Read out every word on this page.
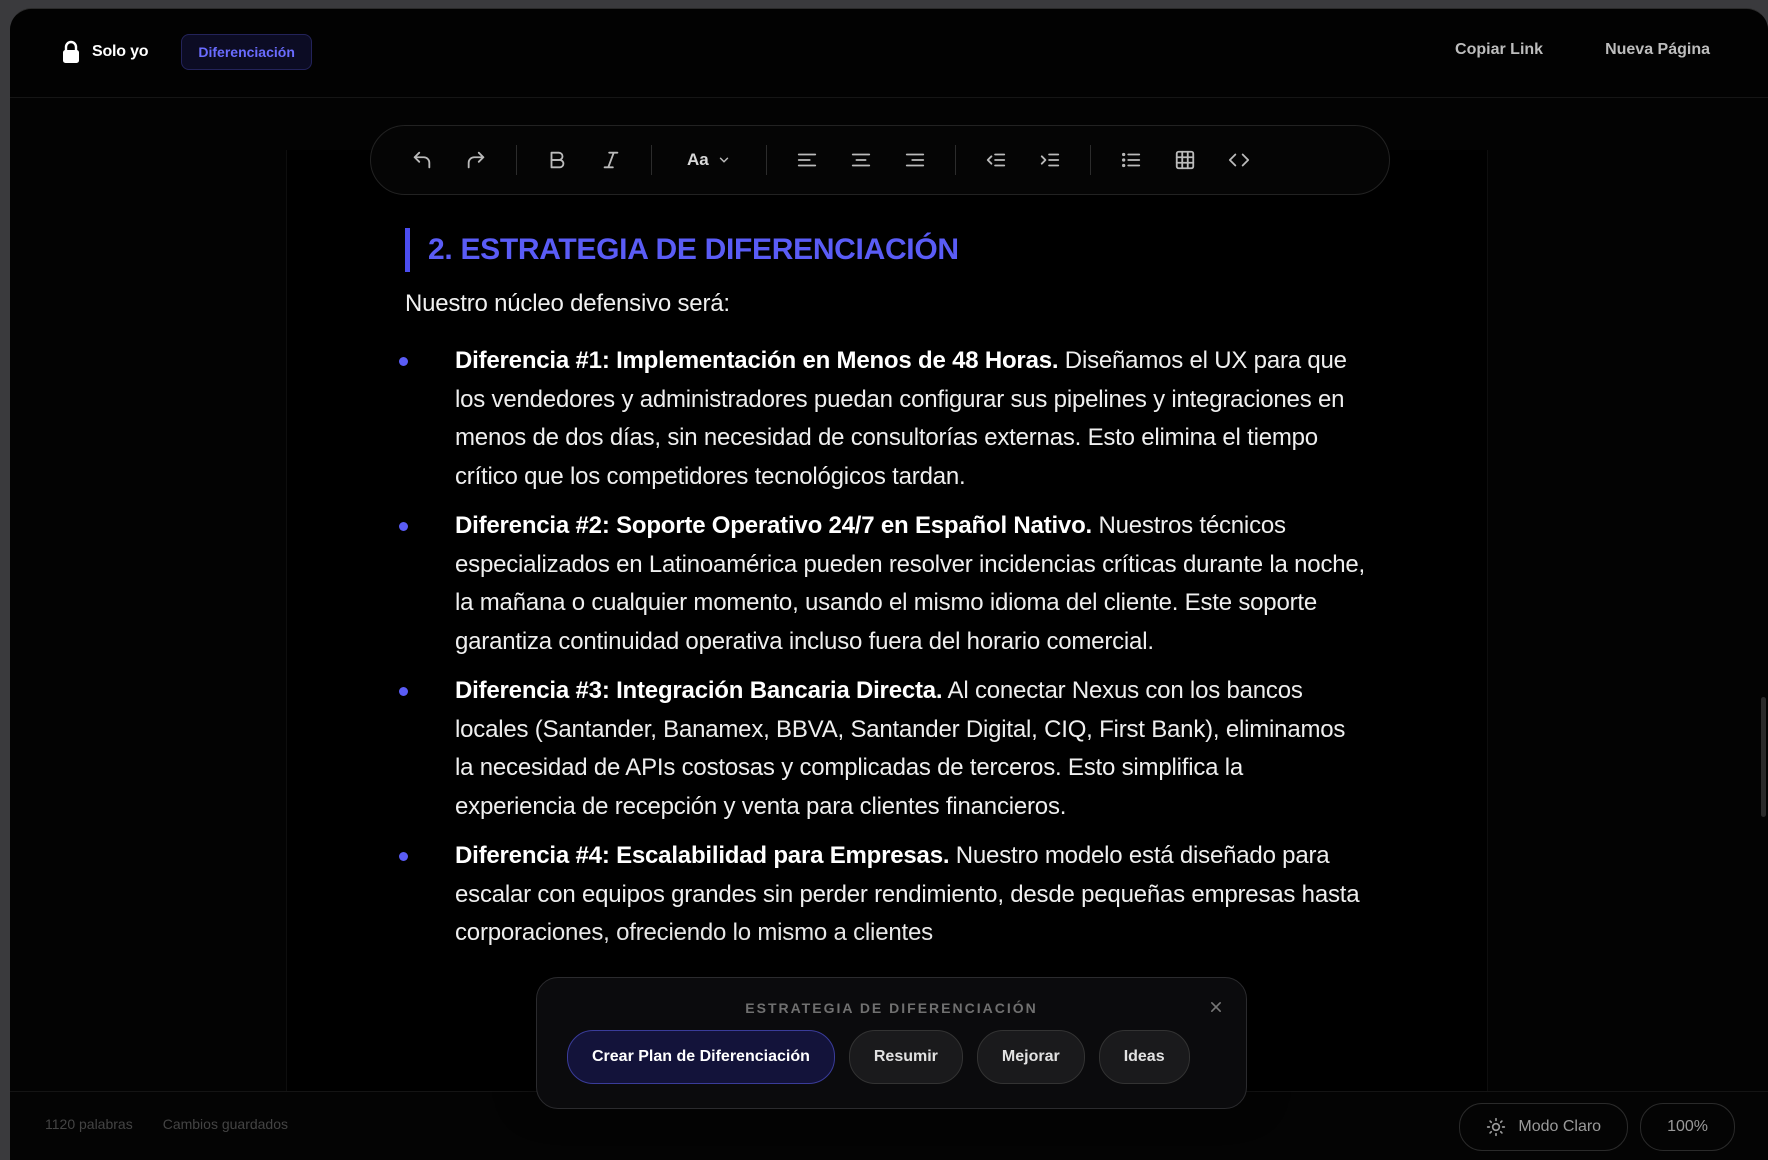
Solo yo	Diferenciación	Copiar Link	Nueva Página
1120 palabras Cambios guardados	Modo Claro	100%
Aa
2. ESTRATEGIA DE DIFERENCIACIÓN
Nuestro núcleo defensivo será:
Diferencia #1: Implementación en Menos de 48 Horas. Diseñamos el UX para que los vendedores y administradores puedan configurar sus pipelines y integraciones en menos de dos días, sin necesidad de consultorías externas. Esto elimina el tiempo crítico que los competidores tecnológicos tardan.
Diferencia #2: Soporte Operativo 24/7 en Español Nativo. Nuestros técnicos especializados en Latinoamérica pueden resolver incidencias críticas durante la noche, la mañana o cualquier momento, usando el mismo idioma del cliente. Este soporte garantiza continuidad operativa incluso fuera del horario comercial.
Diferencia #3: Integración Bancaria Directa. Al conectar Nexus con los bancos locales (Santander, Banamex, BBVA, Santander Digital, CIQ, First Bank), eliminamos la necesidad de APIs costosas y complicadas de terceros. Esto simplifica la experiencia de recepción y venta para clientes financieros.
Diferencia #4: Escalabilidad para Empresas. Nuestro modelo está diseñado para escalar con equipos grandes sin perder rendimiento, desde pequeñas empresas hasta corporaciones, ofreciendo lo mismo a clientes
ESTRATEGIA DE DIFERENCIACIÓN
Crear Plan de Diferenciación	Resumir	Mejorar	Ideas
